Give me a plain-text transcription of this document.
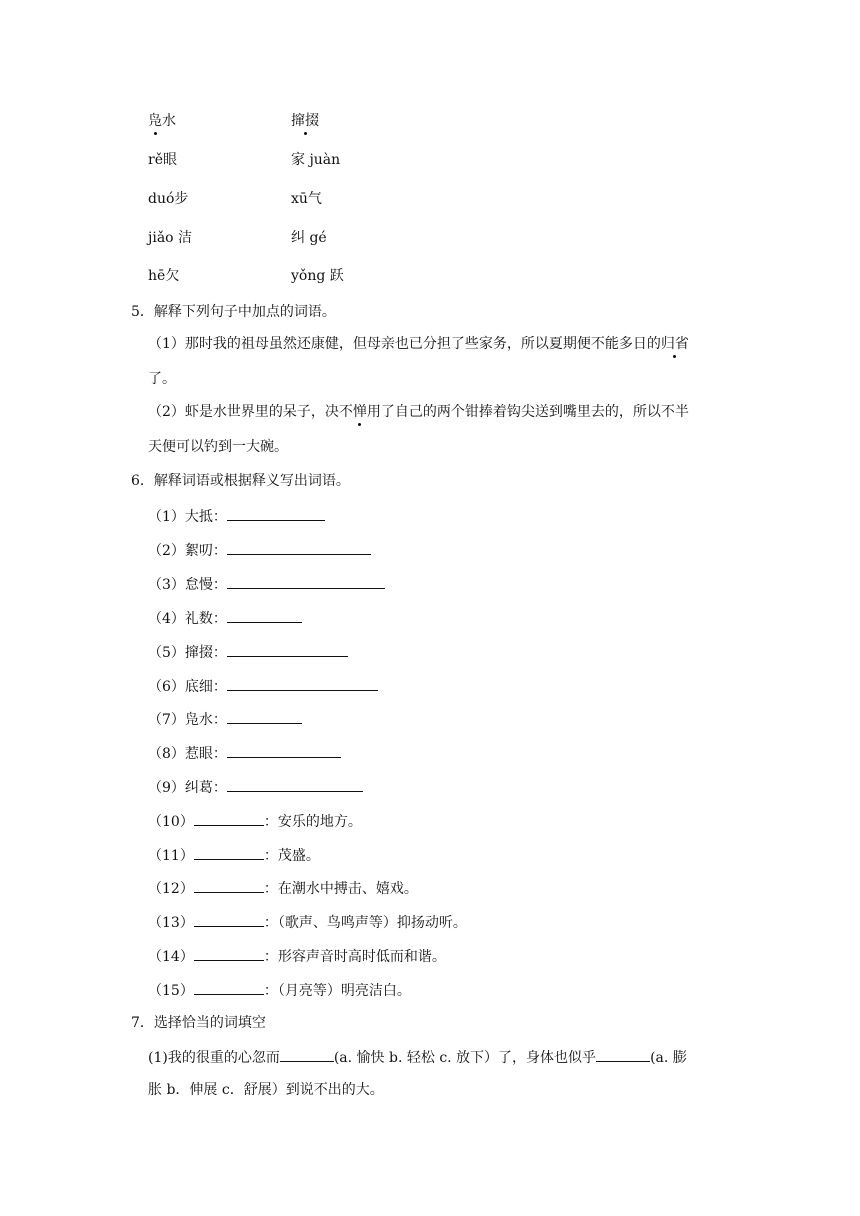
凫水	撺掇
rě眼	家 juàn
duó步	xū气
jiǎo 洁	纠 gé
hē欠	yǒng 跃
5．解释下列句子中加点的词语。
（1）那时我的祖母虽然还康健，但母亲也已分担了些家务，所以夏期便不能多日的归省
了。
（2）虾是水世界里的呆子，决不惮用了自己的两个钳捧着钩尖送到嘴里去的，所以不半
天便可以钓到一大碗。
6．解释词语或根据释义写出词语。
（1）大抵：
（2）絮叨：
（3）怠慢：
（4）礼数：
（5）撺掇：
（6）底细：
（7）凫水：
（8）惹眼：
（9）纠葛：
（10）	：安乐的地方。
（11）	：茂盛。
（12）	：在潮水中搏击、嬉戏。
（13）	：（歌声、鸟鸣声等）抑扬动听。
（14）	：形容声音时高时低而和谐。
（15）	：（月亮等）明亮洁白。
7．选择恰当的词填空
(1)我的很重的心忽而	(a. 愉快 b. 轻松 c. 放下）了，身体也似乎	(a. 膨
胀 b．伸展 c．舒展）到说不出的大。
